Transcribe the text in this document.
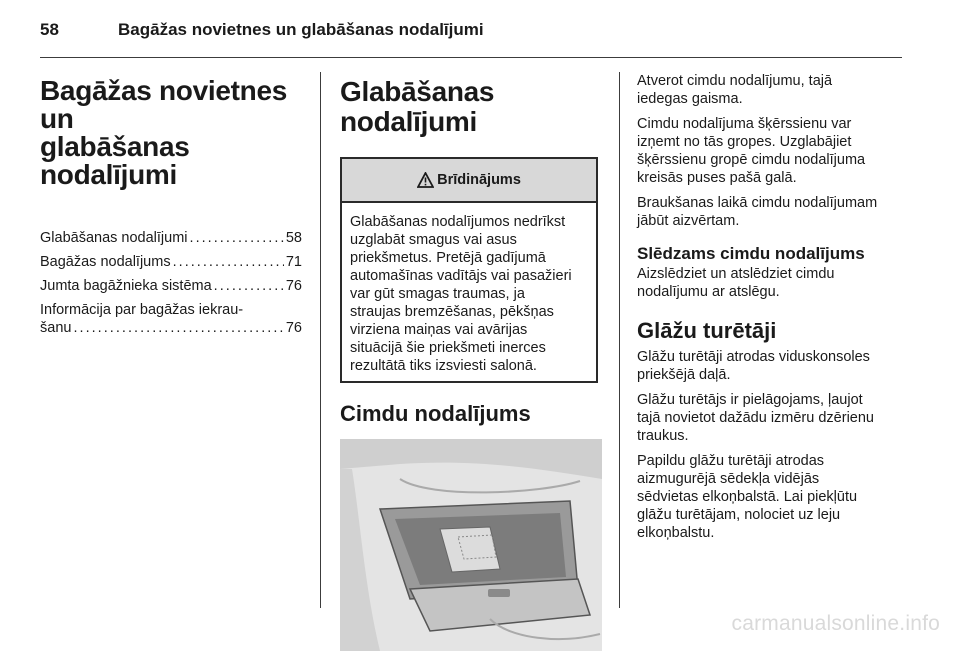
58	Bagāžas novietnes un glabāšanas nodalījumi
Bagāžas novietnes un
glabāšanas
nodalījumi
Glabāšanas nodalījumi . . .	58
Bagāžas nodalījums . . .	71
Jumta bagāžnieka sistēma . . .	76
Informācija par bagāžas iekrau-
šanu . . .	76
Glabāšanas nodalījumi
Brīdinājums

Glabāšanas nodalījumos nedrīkst

uzglabāt smagus vai asus

priekšmetus. Pretējā gadījumā

automašīnas vadītājs vai pasažieri

var gūt smagas traumas, ja

straujas bremzēšanas, pēkšņas

virziena maiņas vai avārijas

situācijā šie priekšmeti inerces

rezultātā tiks izsviesti salonā.

Cimdu nodalījums

Atverot cimdu nodalījumu, tajā
iedegas gaisma.

Cimdu nodalījuma šķērssienu var
izņemt no tās gropes. Uzglabājiet
šķērssienu gropē cimdu nodalījuma
kreisās puses pašā galā.

Braukšanas laikā cimdu nodalījumam
jābūt aizvērtam.

Slēdzams cimdu nodalījums

Aizslēdziet un atslēdziet cimdu
nodalījumu ar atslēgu.

Glāžu turētāji

Glāžu turētāji atrodas viduskonsoles
priekšējā daļā.

Glāžu turētājs ir pielāgojams, ļaujot
tajā novietot dažādu izmēru dzērienu
traukus.

Papildu glāžu turētāji atrodas
aizmugurējā sēdekļa vidējās
sēdvietas elkoņbalstā. Lai piekļūtu
glāžu turētājam, nolociet uz leju
elkoņbalstu.

carmanualsonline.info
